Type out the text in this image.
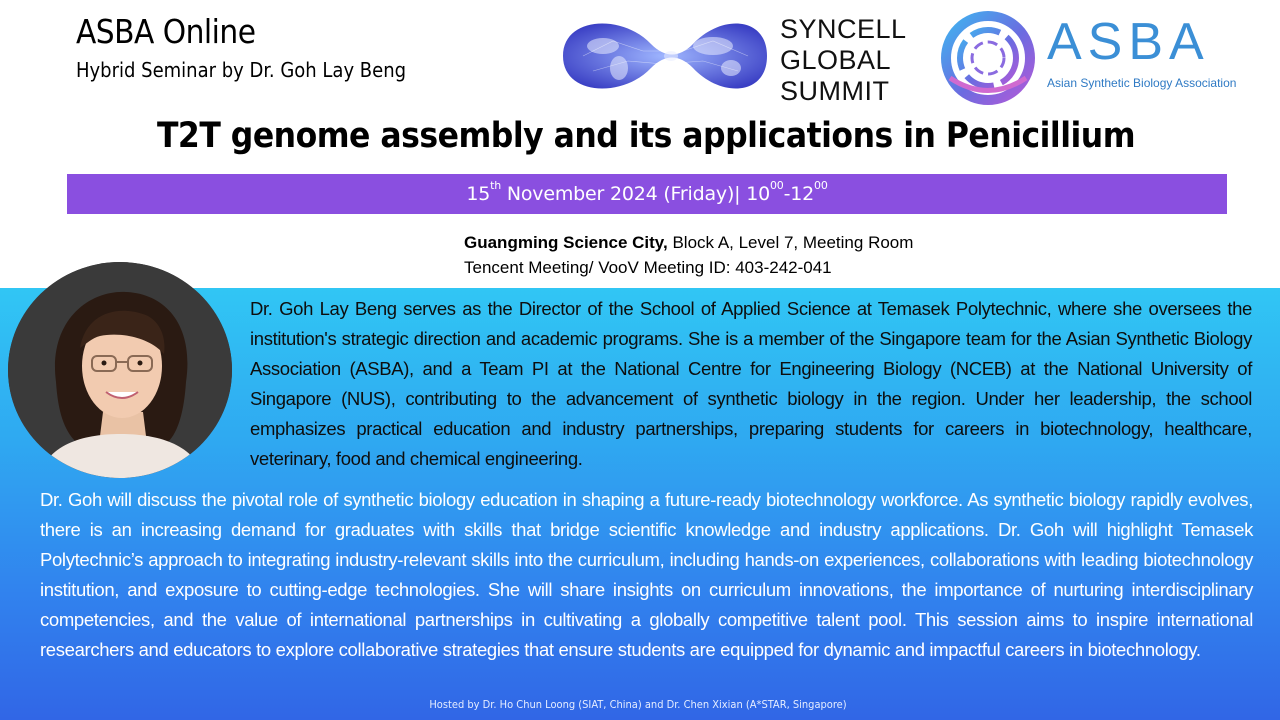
ASBA Online
Hybrid Seminar by Dr. Goh Lay Beng
SYNCELL
GLOBAL
SUMMIT
ASBA
Asian Synthetic Biology Association
T2T genome assembly and its applications in Penicillium
15th November 2024 (Friday)| $10^{00}-12^{00}$
Guangming Science City, Block A, Level 7, Meeting Room
Tencent Meeting/ VooV Meeting ID: 403-242-041
Dr. Goh Lay Beng serves as the Director of the School of Applied Science at Temasek Polytechnic, where she oversees the institution's strategic direction and academic programs. She is a member of the Singapore team for the Asian Synthetic Biology Association (ASBA), and a Team PI at the National Centre for Engineering Biology (NCEB) at the National University of Singapore (NUS), contributing to the advancement of synthetic biology in the region. Under her leadership, the school emphasizes practical education and industry partnerships, preparing students for careers in biotechnology, healthcare, veterinary, food and chemical engineering.
Dr. Goh will discuss the pivotal role of synthetic biology education in shaping a future-ready biotechnology workforce. As synthetic biology rapidly evolves, there is an increasing demand for graduates with skills that bridge scientific knowledge and industry applications. Dr. Goh will highlight Temasek Polytechnic’s approach to integrating industry-relevant skills into the curriculum, including hands-on experiences, collaborations with leading biotechnology institution, and exposure to cutting-edge technologies. She will share insights on curriculum innovations, the importance of nurturing interdisciplinary competencies, and the value of international partnerships in cultivating a globally competitive talent pool. This session aims to inspire international researchers and educators to explore collaborative strategies that ensure students are equipped for dynamic and impactful careers in biotechnology.
Hosted by Dr. Ho Chun Loong (SIAT, China) and Dr. Chen Xixian (A*STAR, Singapore)
